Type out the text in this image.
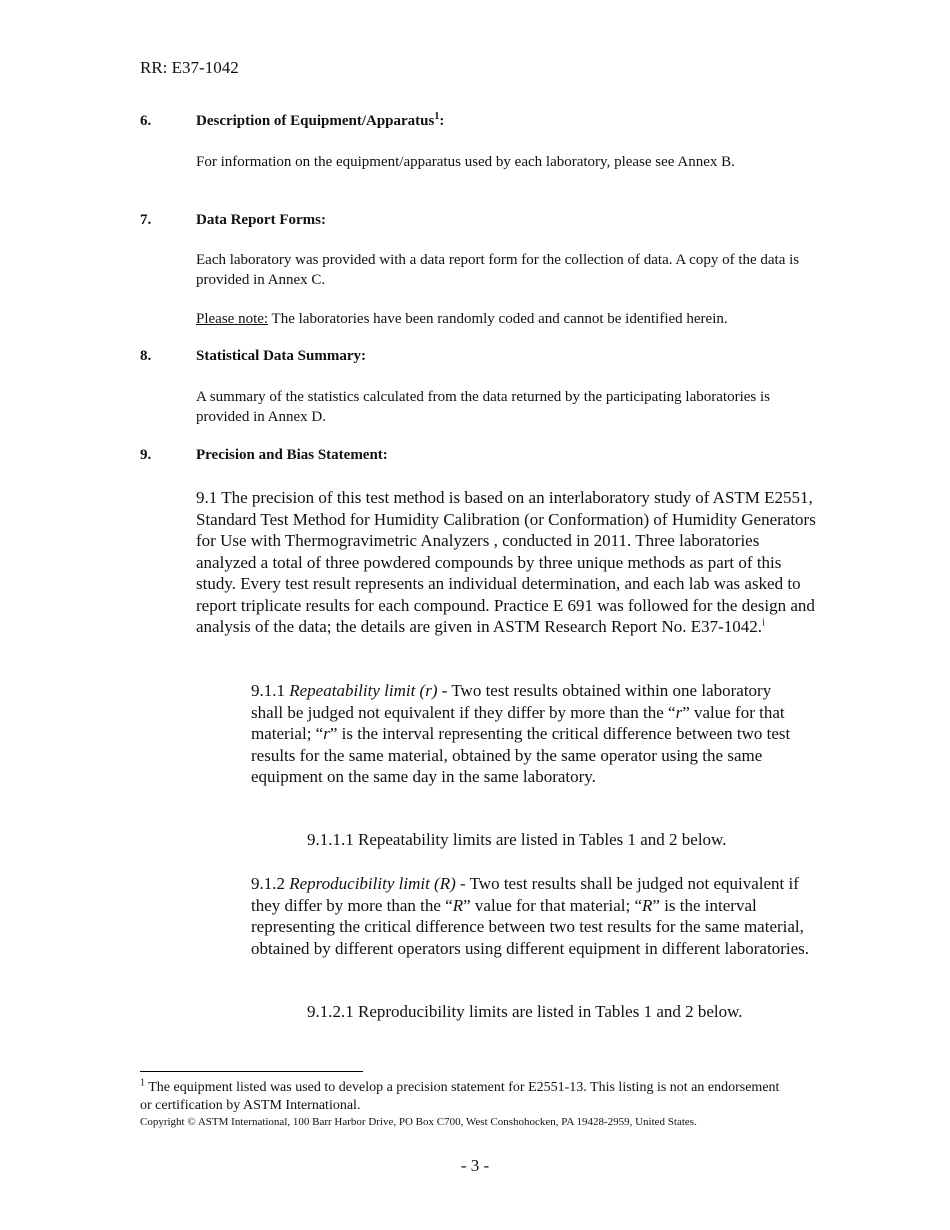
RR: E37-1042
6.	Description of Equipment/Apparatus$^1$:
For information on the equipment/apparatus used by each laboratory, please see Annex B.
7.	Data Report Forms:
Each laboratory was provided with a data report form for the collection of data. A copy of the data is provided in Annex C.
Please note: The laboratories have been randomly coded and cannot be identified herein.
8.	Statistical Data Summary:
A summary of the statistics calculated from the data returned by the participating laboratories is provided in Annex D.
9.	Precision and Bias Statement:
9.1 The precision of this test method is based on an interlaboratory study of ASTM E2551, Standard Test Method for Humidity Calibration (or Conformation) of Humidity Generators for Use with Thermogravimetric Analyzers , conducted in 2011. Three laboratories analyzed a total of three powdered compounds by three unique methods as part of this study. Every test result represents an individual determination, and each lab was asked to report triplicate results for each compound. Practice E 691 was followed for the design and analysis of the data; the details are given in ASTM Research Report No. E37-1042.$^i$
9.1.1 Repeatability limit (r) - Two test results obtained within one laboratory shall be judged not equivalent if they differ by more than the “r” value for that material; “r” is the interval representing the critical difference between two test results for the same material, obtained by the same operator using the same equipment on the same day in the same laboratory.
9.1.1.1 Repeatability limits are listed in Tables 1 and 2 below.
9.1.2 Reproducibility limit (R) - Two test results shall be judged not equivalent if they differ by more than the “R” value for that material; “R” is the interval representing the critical difference between two test results for the same material, obtained by different operators using different equipment in different laboratories.
9.1.2.1 Reproducibility limits are listed in Tables 1 and 2 below.
$^1$ The equipment listed was used to develop a precision statement for E2551-13. This listing is not an endorsement or certification by ASTM International.
Copyright © ASTM International, 100 Barr Harbor Drive, PO Box C700, West Conshohocken, PA 19428-2959, United States.
- 3 -
